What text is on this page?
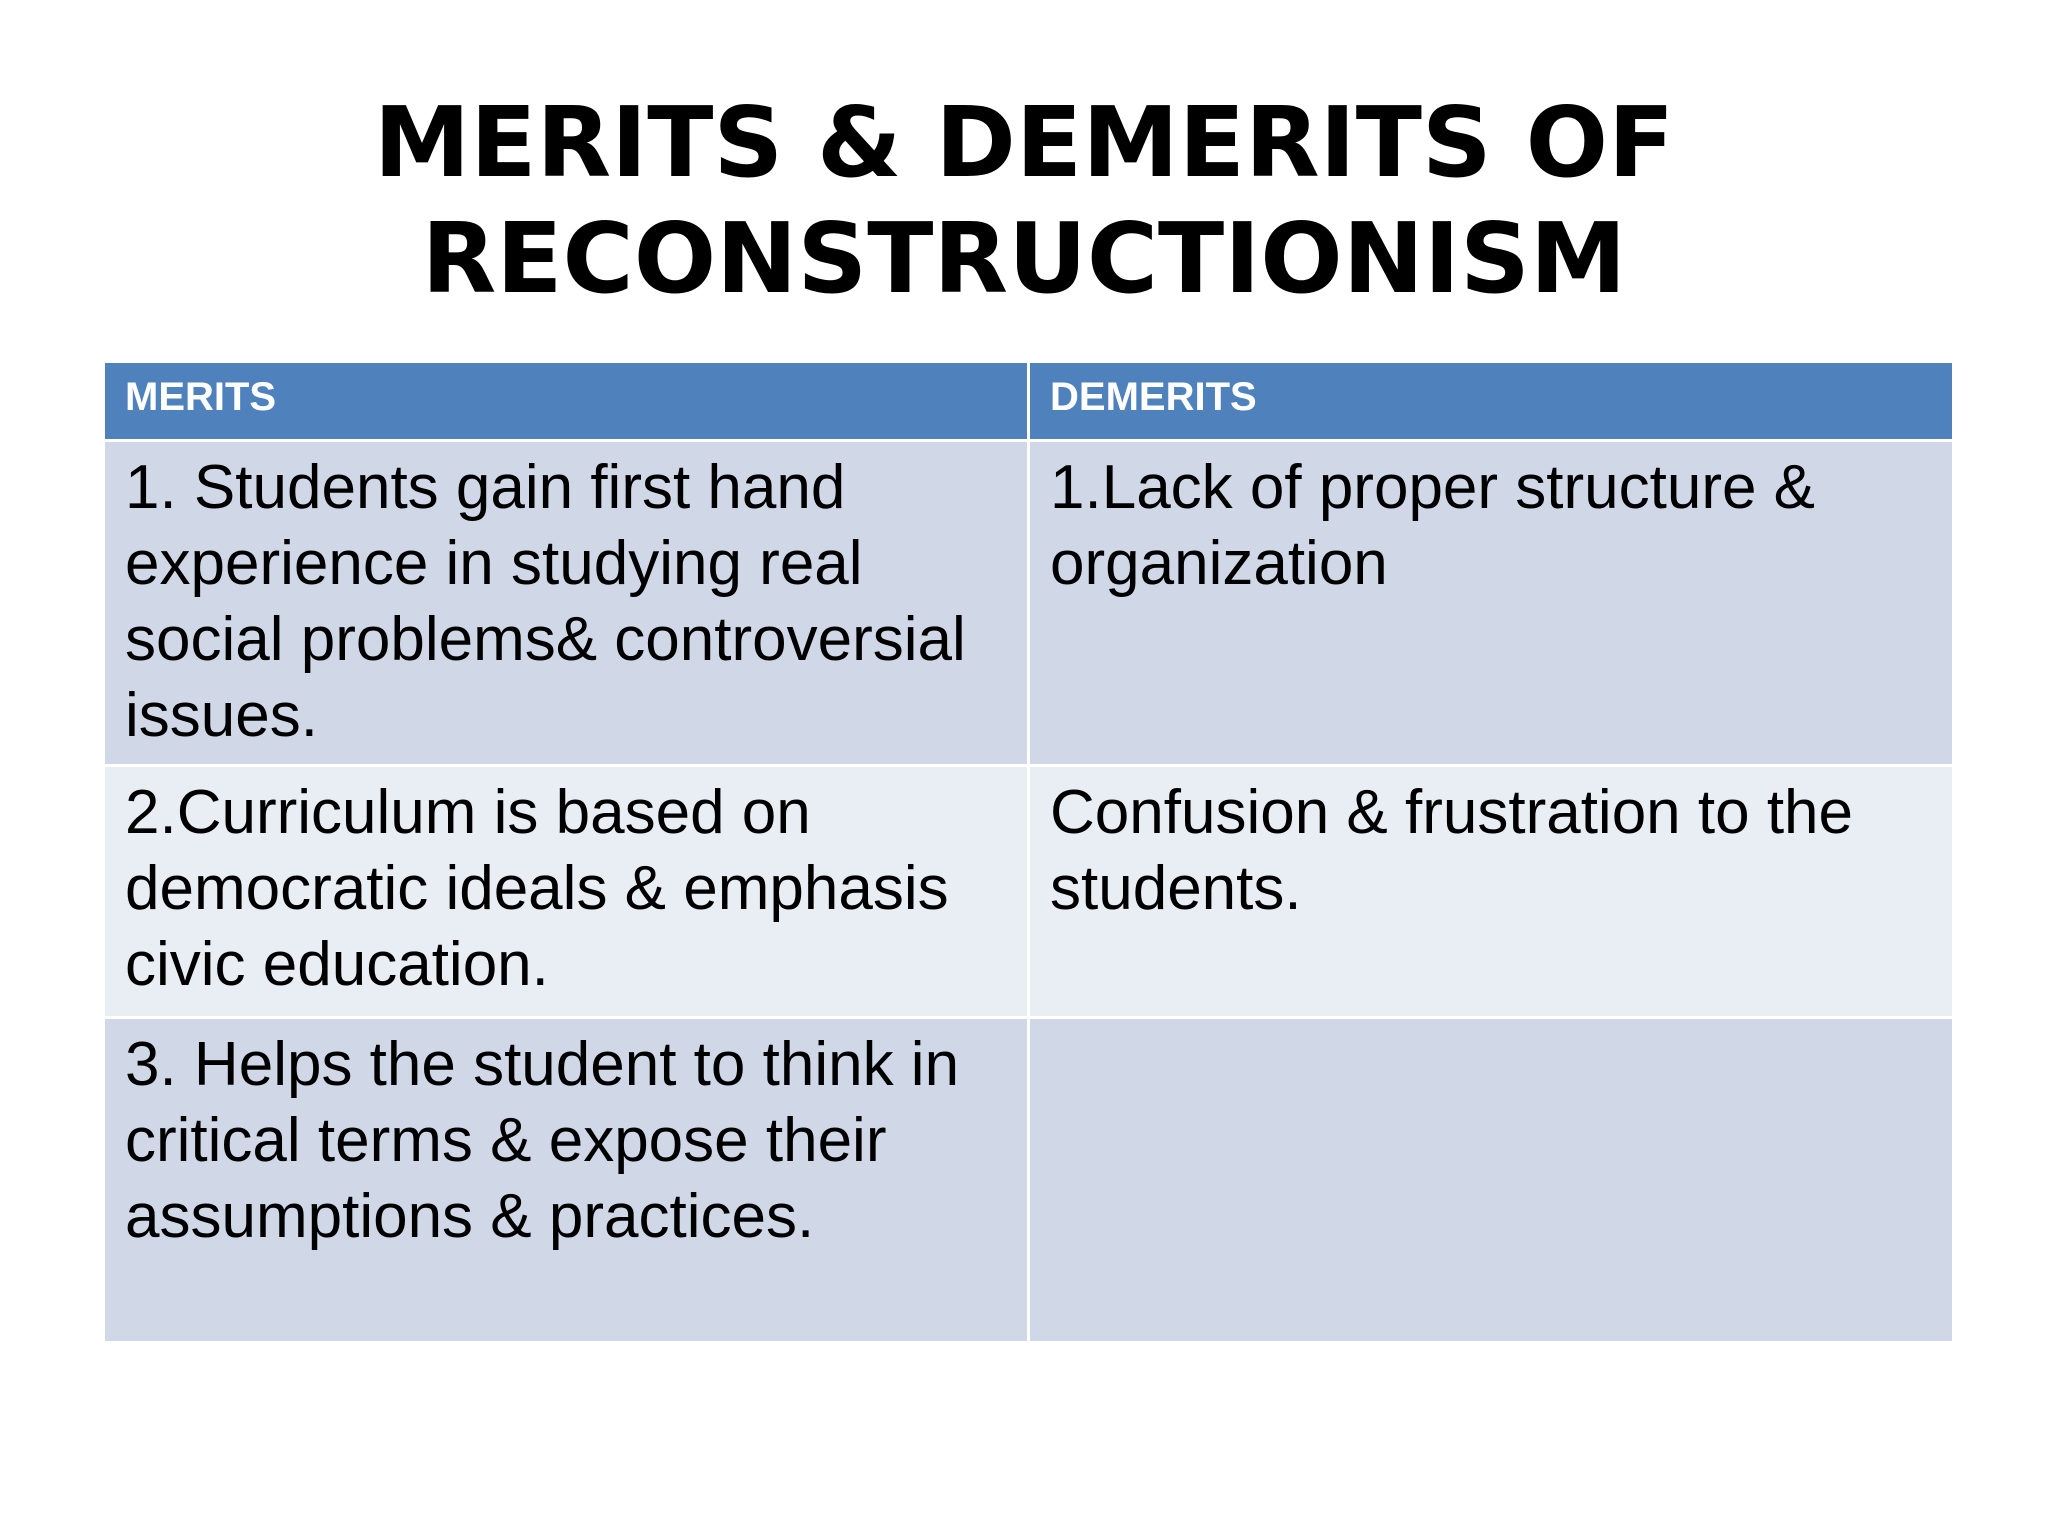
MERITS & DEMERITS OF
RECONSTRUCTIONISM
MERITS	DEMERITS
1. Students gain first hand experience in studying real social problems& controversial issues.	1.Lack of proper structure & organization
2.Curriculum is based on democratic ideals & emphasis civic education.	Confusion & frustration to the students.
3. Helps the student to think in critical terms & expose their assumptions & practices.	
